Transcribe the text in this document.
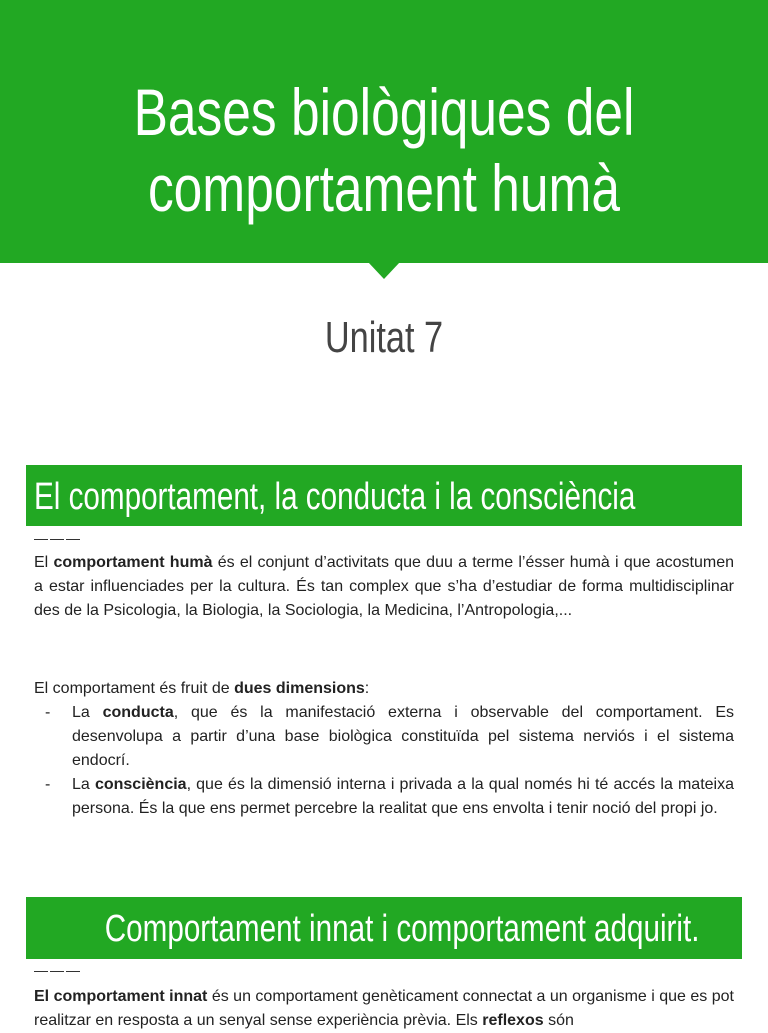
Bases biològiques del
comportament humà
Unitat 7
El comportament, la conducta i la consciència
———

El comportament humà és el conjunt d’activitats que duu a terme l’ésser humà i que acostumen a estar influenciades per la cultura. És tan complex que s’ha d’estudiar de forma multidisciplinar des de la Psicologia, la Biologia, la Sociologia, la Medicina, l’Antropologia,...

El comportament és fruit de dues dimensions:

- La conducta, que és la manifestació externa i observable del comportament. Es desenvolupa a partir d’una base biològica constituïda pel sistema nerviós i el sistema endocrí.
- La consciència, que és la dimensió interna i privada a la qual només hi té accés la mateixa persona. És la que ens permet percebre la realitat que ens envolta i tenir noció del propi jo.
Comportament innat i comportament adquirit.
———

El comportament innat és un comportament genèticament connectat a un organisme i que es pot realitzar en resposta a un senyal sense experiència prèvia. Els reflexos són
